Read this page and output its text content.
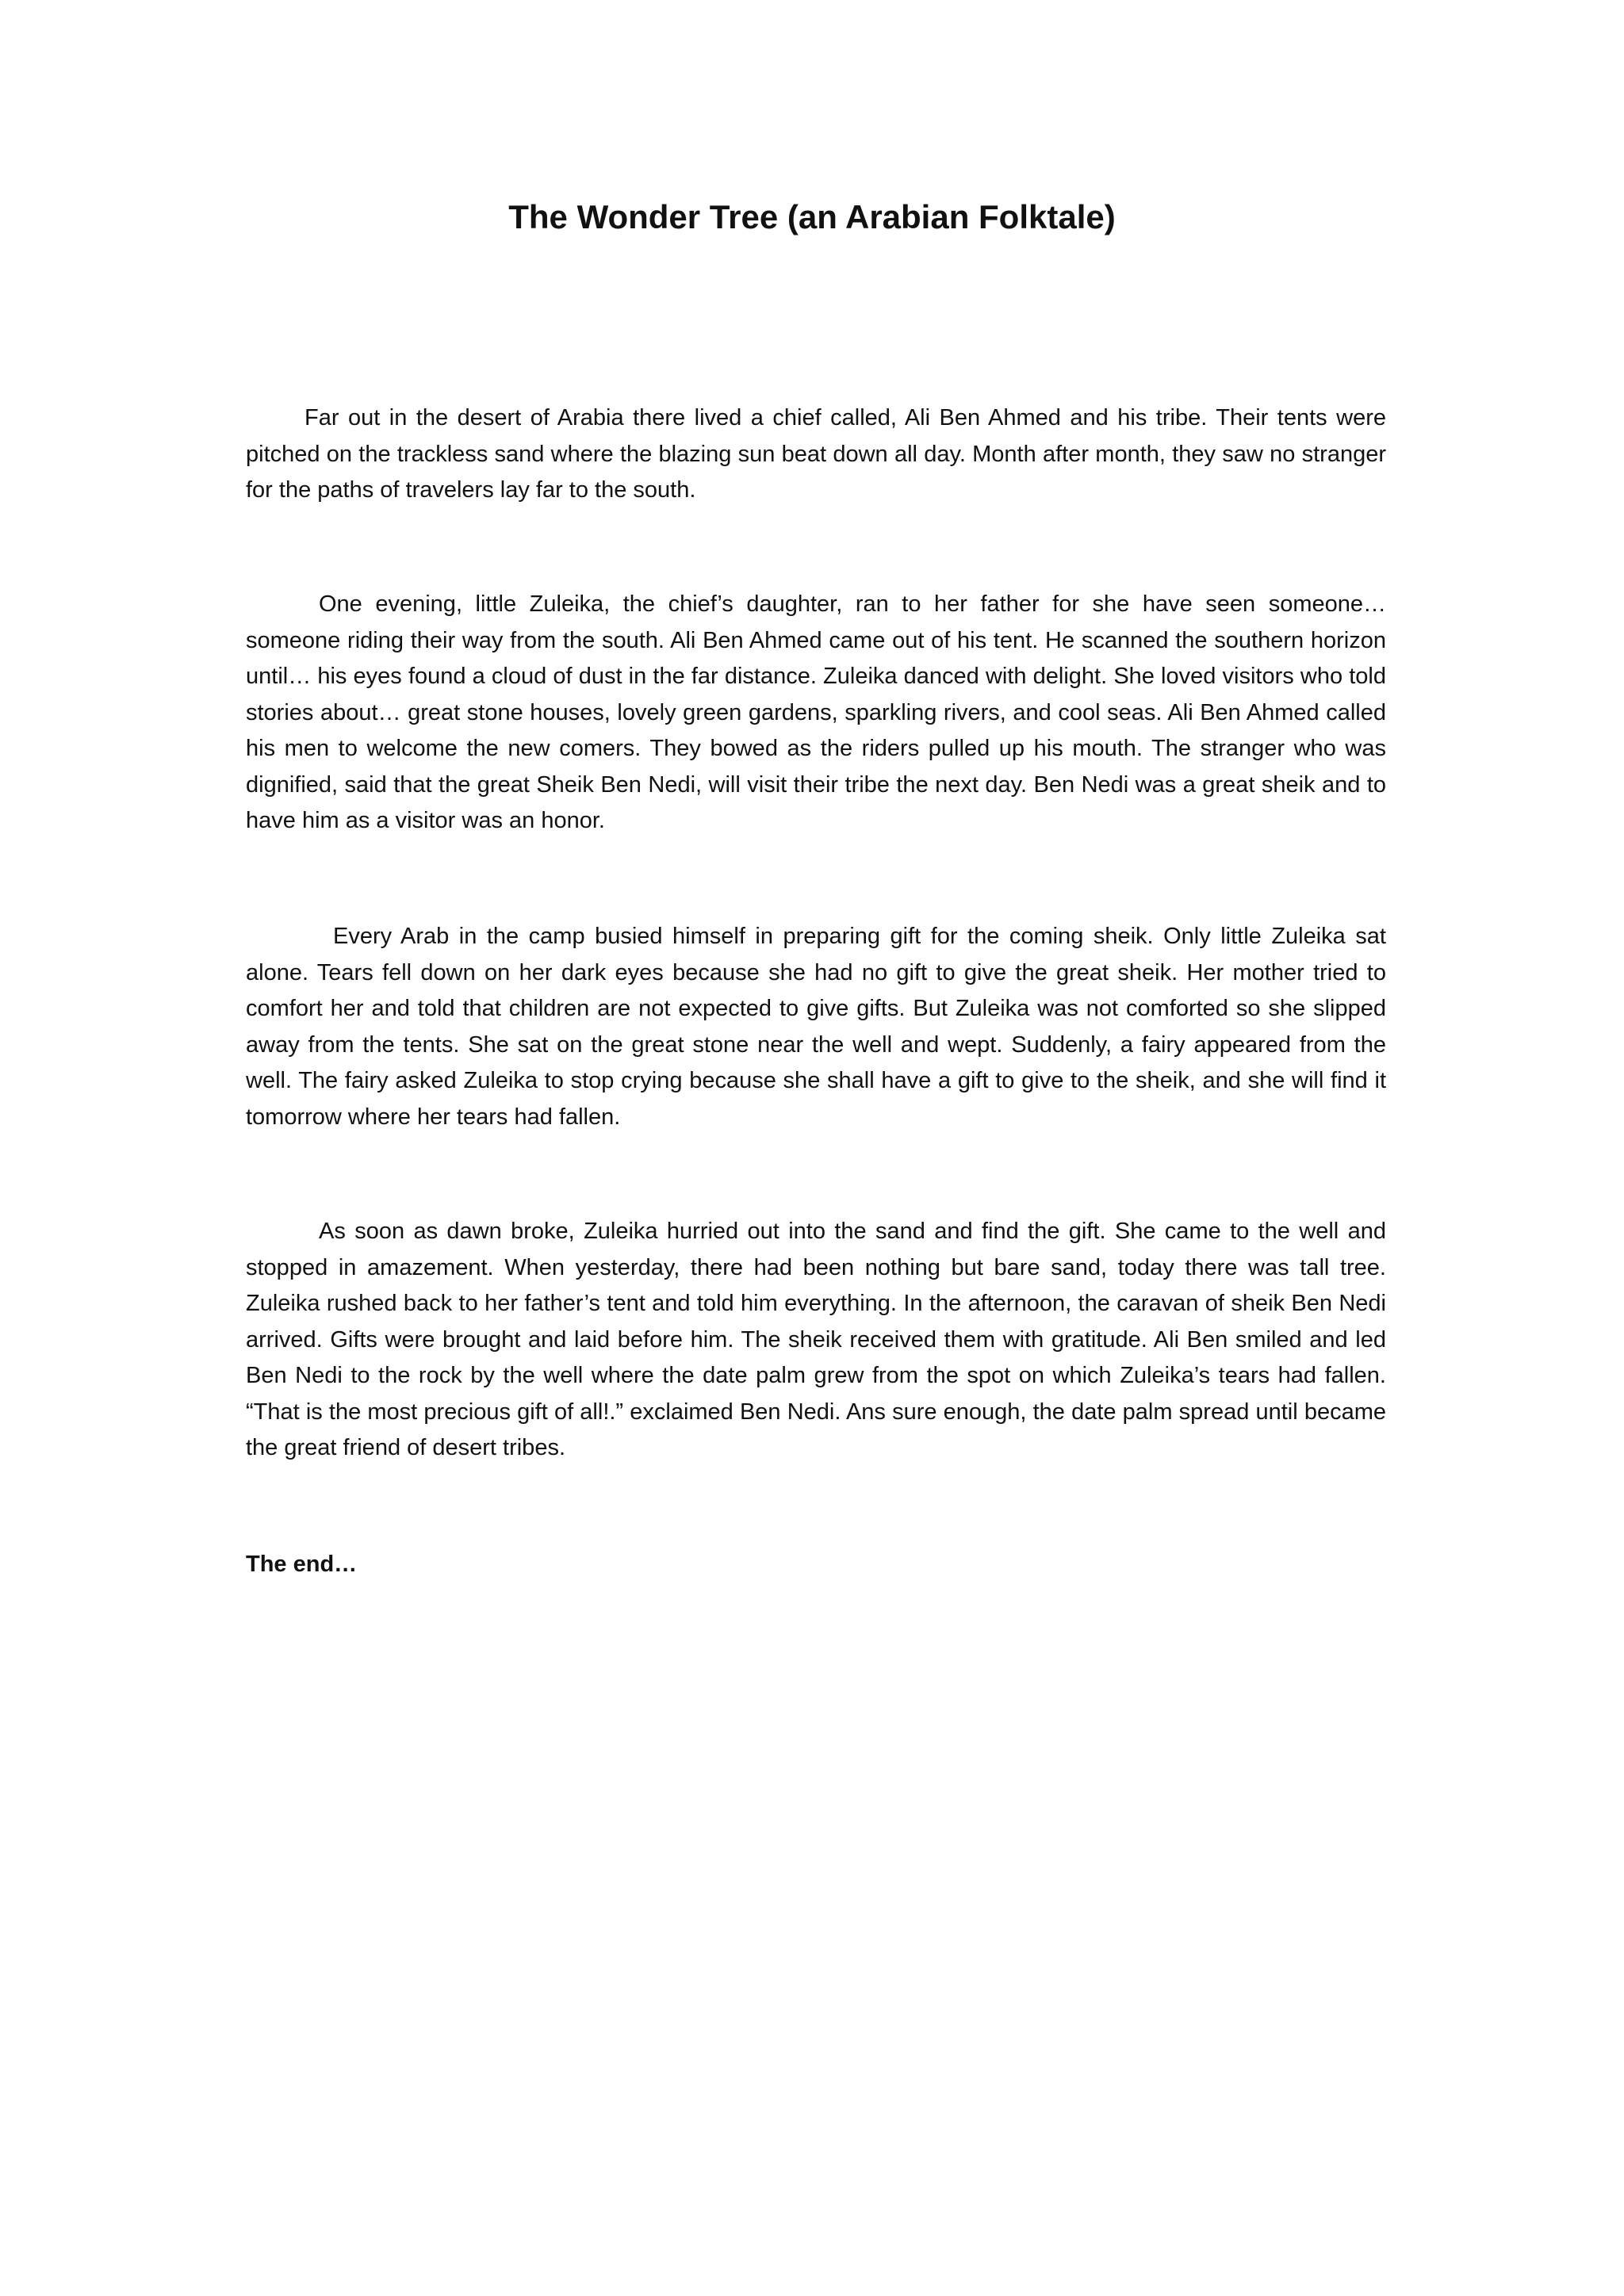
The Wonder Tree (an Arabian Folktale)

Far out in the desert of Arabia there lived a chief called, Ali Ben Ahmed and his tribe. Their tents were pitched on the trackless sand where the blazing sun beat down all day. Month after month, they saw no stranger for the paths of travelers lay far to the south.

One evening, little Zuleika, the chief’s daughter, ran to her father for she have seen someone… someone riding their way from the south. Ali Ben Ahmed came out of his tent. He scanned the southern horizon until… his eyes found a cloud of dust in the far distance. Zuleika danced with delight. She loved visitors who told stories about… great stone houses, lovely green gardens, sparkling rivers, and cool seas. Ali Ben Ahmed called his men to welcome the new comers. They bowed as the riders pulled up his mouth. The stranger who was dignified, said that the great Sheik Ben Nedi, will visit their tribe the next day. Ben Nedi was a great sheik and to have him as a visitor was an honor.

Every Arab in the camp busied himself in preparing gift for the coming sheik. Only little Zuleika sat alone. Tears fell down on her dark eyes because she had no gift to give the great sheik. Her mother tried to comfort her and told that children are not expected to give gifts. But Zuleika was not comforted so she slipped away from the tents. She sat on the great stone near the well and wept. Suddenly, a fairy appeared from the well. The fairy asked Zuleika to stop crying because she shall have a gift to give to the sheik, and she will find it tomorrow where her tears had fallen.

As soon as dawn broke, Zuleika hurried out into the sand and find the gift. She came to the well and stopped in amazement. When yesterday, there had been nothing but bare sand, today there was tall tree. Zuleika rushed back to her father’s tent and told him everything. In the afternoon, the caravan of sheik Ben Nedi arrived. Gifts were brought and laid before him. The sheik received them with gratitude. Ali Ben smiled and led Ben Nedi to the rock by the well where the date palm grew from the spot on which Zuleika’s tears had fallen. “That is the most precious gift of all!.” exclaimed Ben Nedi. Ans sure enough, the date palm spread until became the great friend of desert tribes.

The end…
